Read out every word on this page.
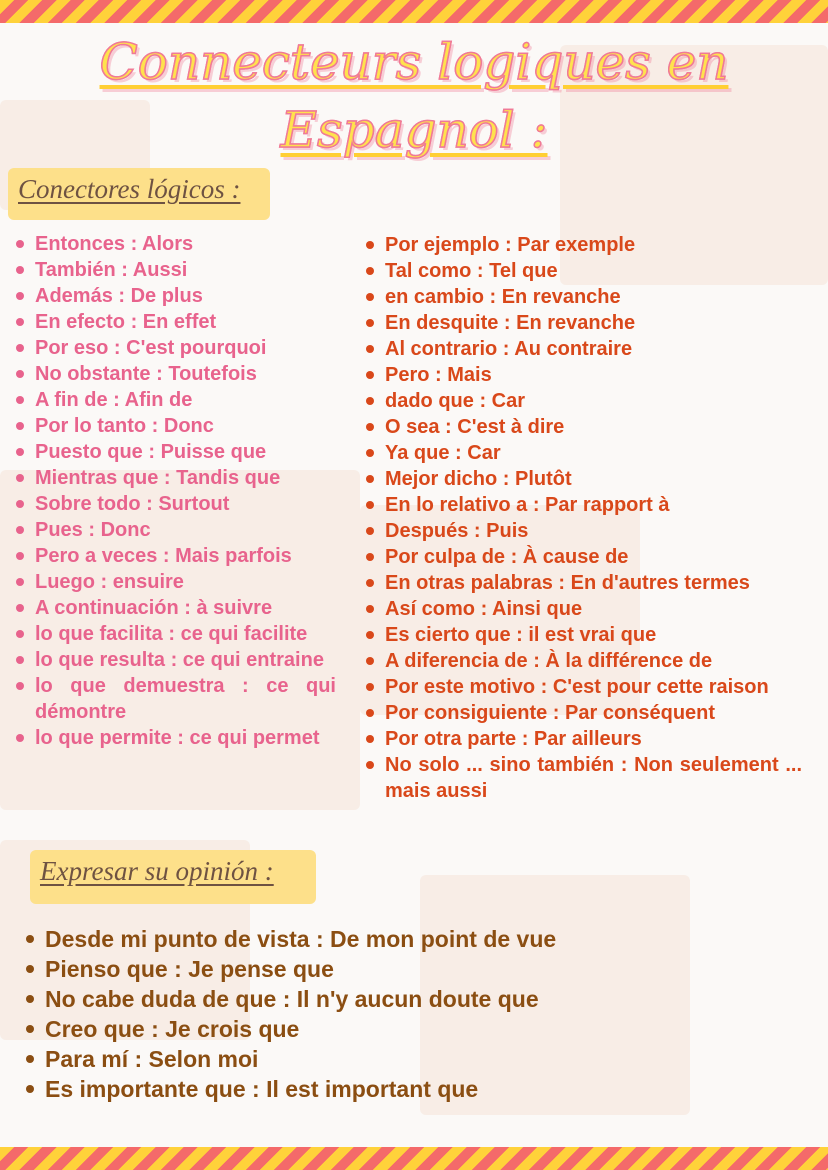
Connecteurs logiques en
Espagnol :
Conectores lógicos :
Entonces : Alors
También : Aussi
Además : De plus
En efecto : En effet
Por eso : C'est pourquoi
No obstante : Toutefois
A fin de : Afin de
Por lo tanto : Donc
Puesto que : Puisse que
Mientras que : Tandis que
Sobre todo : Surtout
Pues : Donc
Pero a veces : Mais parfois
Luego : ensuire
A continuación : à suivre
lo que facilita : ce qui facilite
lo que resulta : ce qui entraine
lo que demuestra : ce qui démontre
lo que permite : ce qui permet
Por ejemplo : Par exemple
Tal como : Tel que
en cambio : En revanche
En desquite : En revanche
Al contrario : Au contraire
Pero : Mais
dado que : Car
O sea : C'est à dire
Ya que : Car
Mejor dicho : Plutôt
En lo relativo a : Par rapport à
Después : Puis
Por culpa de : À cause de
En otras palabras : En d'autres termes
Así como : Ainsi que
Es cierto que : il est vrai que
A diferencia de : À la différence de
Por este motivo : C'est pour cette raison
Por consiguiente : Par conséquent
Por otra parte : Par ailleurs
No solo ... sino también : Non seulement ... mais aussi
Expresar su opinión :
Desde mi punto de vista : De mon point de vue
Pienso que : Je pense que
No cabe duda de que : Il n'y aucun doute que
Creo que : Je crois que
Para mí : Selon moi
Es importante que : Il est important que
